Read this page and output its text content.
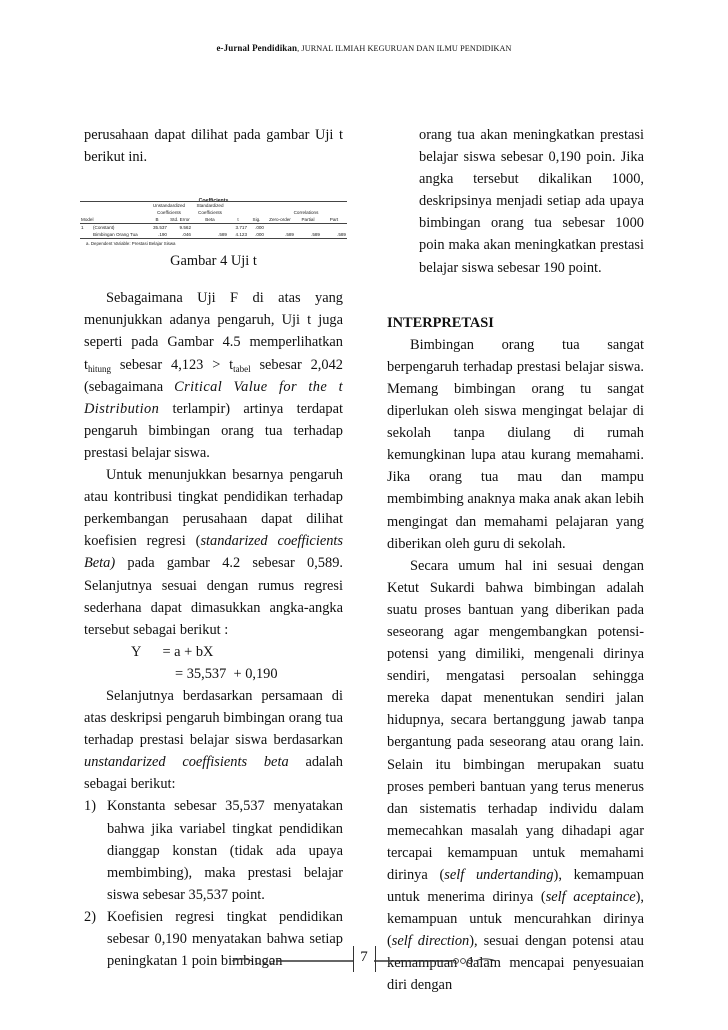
e-Jurnal Pendidikan, JURNAL ILMIAH KEGURUAN DAN ILMU PENDIDIKAN

perusahaan dapat dilihat pada gambar Uji t berikut ini.

Coefficients
		Unstandardized		Standardized					
		Coefficients		Coefficients			Correlations		
Model		B	Std. Error	Beta	t	Sig.	Zero-order	Partial	Part
1	(Constant)	35.537	9.562		3.717	.000			
	Bimbingan Orang Tua	.190	.046	.589	4.123	.000	.589	.589	.589
a. Dependent Variable: Prestasi Belajar Siswa

Gambar 4 Uji t

Sebagaimana Uji F di atas yang menunjukkan adanya pengaruh, Uji t juga seperti pada Gambar 4.5 memperlihatkan $t_{hitung}$ sebesar $4,123 > t_{tabel}$ sebesar 2,042 (sebagaimana Critical Value for the t Distribution terlampir) artinya terdapat pengaruh bimbingan orang tua terhadap prestasi belajar siswa.

Untuk menunjukkan besarnya pengaruh atau kontribusi tingkat pendidikan terhadap perkembangan perusahaan dapat dilihat koefisien regresi (standarized coefficients Beta) pada gambar 4.2 sebesar 0,589. Selanjutnya sesuai dengan rumus regresi sederhana dapat dimasukkan angka-angka tersebut sebagai berikut :

Y      = a + bX

= 35,537  + 0,190

Selanjutnya berdasarkan persamaan di atas deskripsi pengaruh bimbingan orang tua terhadap prestasi belajar siswa berdasarkan unstandarized coeffisients beta adalah sebagai berikut:

1) Konstanta sebesar 35,537 menyatakan bahwa jika variabel tingkat pendidikan dianggap konstan (tidak ada upaya membimbing), maka prestasi belajar siswa sebesar 35,537 point.
2) Koefisien regresi tingkat pendidikan sebesar 0,190 menyatakan bahwa setiap peningkatan 1 poin bimbingan

orang tua akan meningkatkan prestasi belajar siswa sebesar 0,190 poin. Jika angka tersebut dikalikan 1000, deskripsinya menjadi setiap ada upaya bimbingan orang tua sebesar 1000 poin maka akan meningkatkan prestasi belajar siswa sebesar 190 point.

INTERPRETASI

Bimbingan orang tua sangat berpengaruh terhadap prestasi belajar siswa. Memang bimbingan orang tu sangat diperlukan oleh siswa mengingat belajar di sekolah tanpa diulang di rumah kemungkinan lupa atau kurang memahami. Jika orang tua mau dan mampu membimbing anaknya maka anak akan lebih mengingat dan memahami pelajaran yang diberikan oleh guru di sekolah.

Secara umum hal ini sesuai dengan Ketut Sukardi bahwa bimbingan adalah suatu proses bantuan yang diberikan pada seseorang agar mengembangkan potensi-potensi yang dimiliki, mengenali dirinya sendiri, mengatasi persoalan sehingga mereka dapat menentukan sendiri jalan hidupnya, secara bertanggung jawab tanpa bergantung pada seseorang atau orang lain. Selain itu bimbingan merupakan suatu proses pemberi bantuan yang terus menerus dan sistematis terhadap individu dalam memecahkan masalah yang dihadapi agar tercapai kemampuan untuk memahami dirinya (self undertanding), kemampuan untuk menerima dirinya (self aceptaince), kemampuan untuk mencurahkan dirinya (self direction), sesuai dengan potensi atau kemampuan dalam mencapai penyesuaian diri dengan

7
